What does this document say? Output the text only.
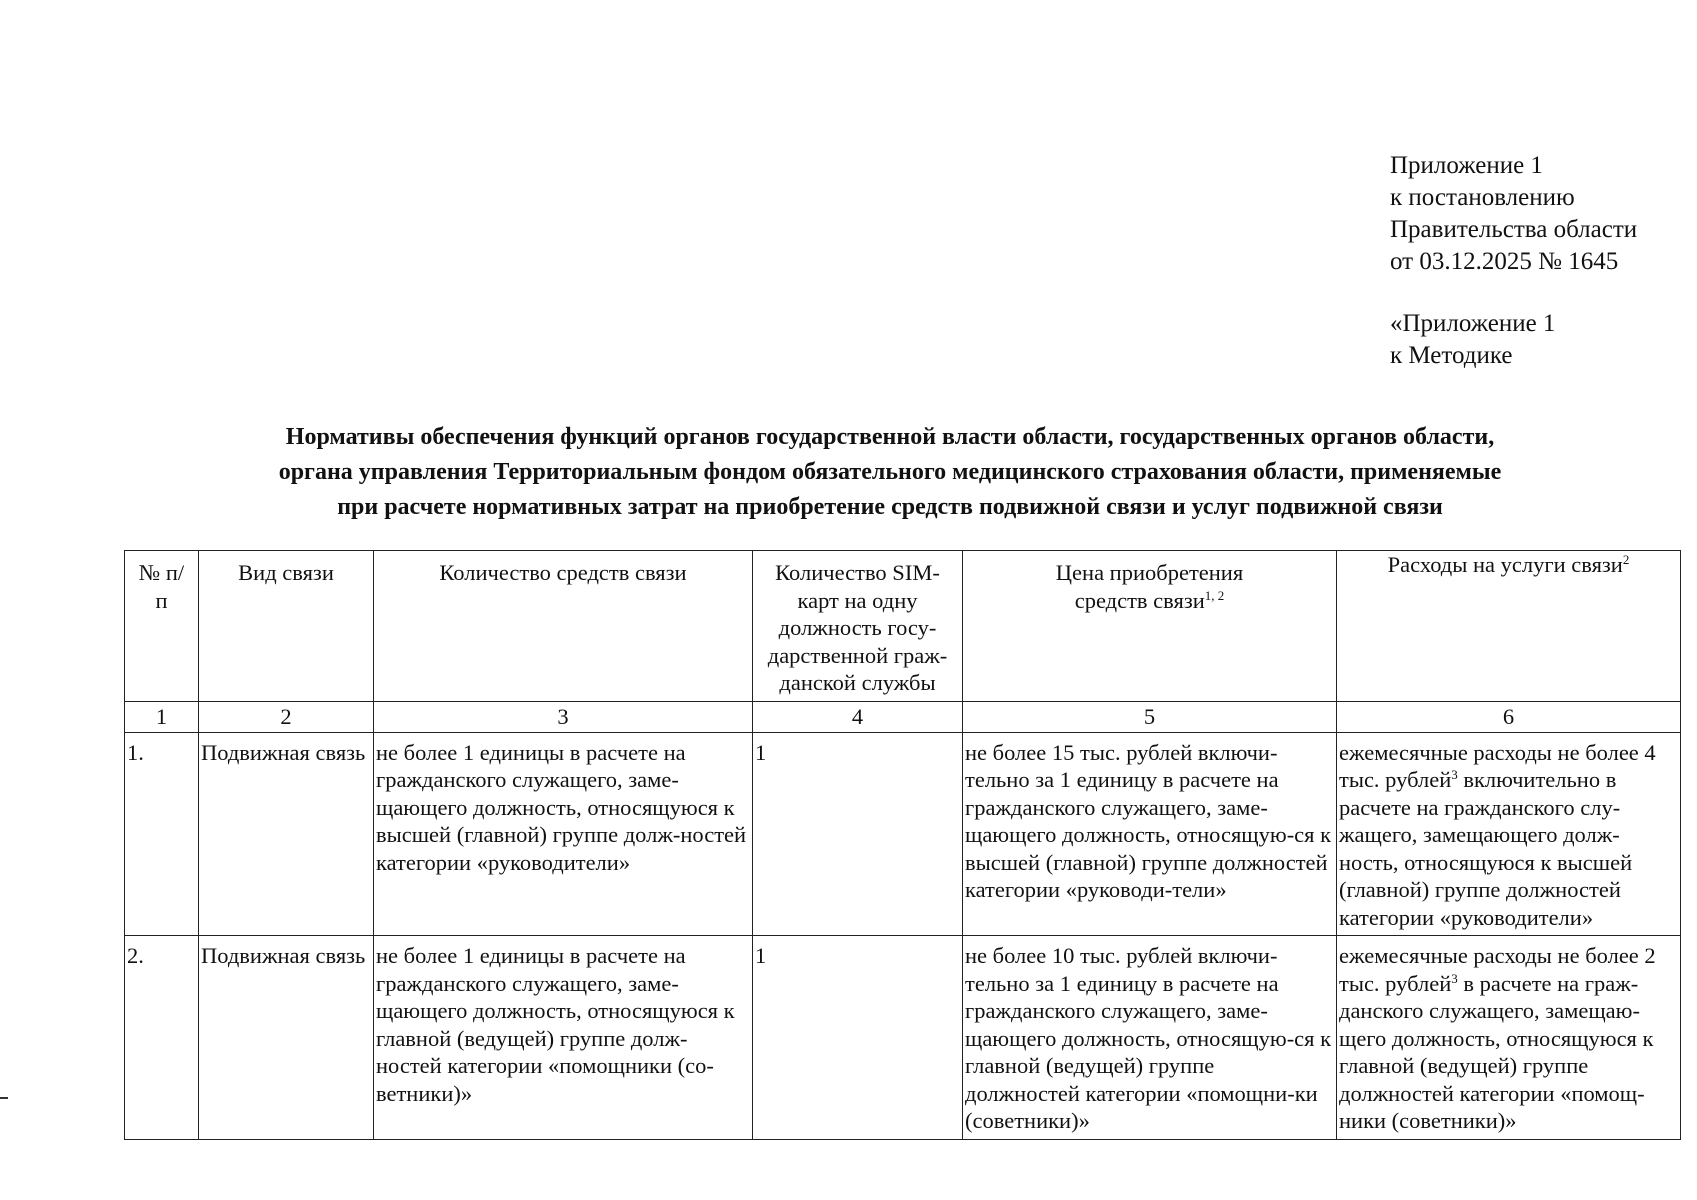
Приложение 1
к постановлению
Правительства области
от 03.12.2025 № 1645
«Приложение 1
к Методике
Нормативы обеспечения функций органов государственной власти области, государственных органов области,
органа управления Территориальным фондом обязательного медицинского страхования области, применяемые
при расчете нормативных затрат на приобретение средств подвижной связи и услуг подвижной связи
№ п/п	Вид связи	Количество средств связи	Количество SIM-карт на одну должность госу-дарственной граж-данской службы	Цена приобретения средств связи$^{1, 2}$	Расходы на услуги связи$^2$
1	2	3	4	5	6
1.	Подвижная связь	не более 1 единицы в расчете на гражданского служащего, заме-щающего должность, относящуюся к высшей (главной) группе долж-ностей категории «руководители»	1	не более 15 тыс. рублей включи-тельно за 1 единицу в расчете на гражданского служащего, заме-щающего должность, относящую-ся к высшей (главной) группе должностей категории «руководи-тели»	ежемесячные расходы не более 4 тыс. рублей$^3$ включительно в расчете на гражданского слу-жащего, замещающего долж-ность, относящуюся к высшей (главной) группе должностей категории «руководители»
2.	Подвижная связь	не более 1 единицы в расчете на гражданского служащего, заме-щающего должность, относящуюся к главной (ведущей) группе долж-ностей категории «помощники (со-ветники)»	1	не более 10 тыс. рублей включи-тельно за 1 единицу в расчете на гражданского служащего, заме-щающего должность, относящую-ся к главной (ведущей) группе должностей категории «помощни-ки (советники)»	ежемесячные расходы не более 2 тыс. рублей$^3$ в расчете на граж-данского служащего, замещаю-щего должность, относящуюся к главной (ведущей) группе должностей категории «помощ-ники (советники)»
